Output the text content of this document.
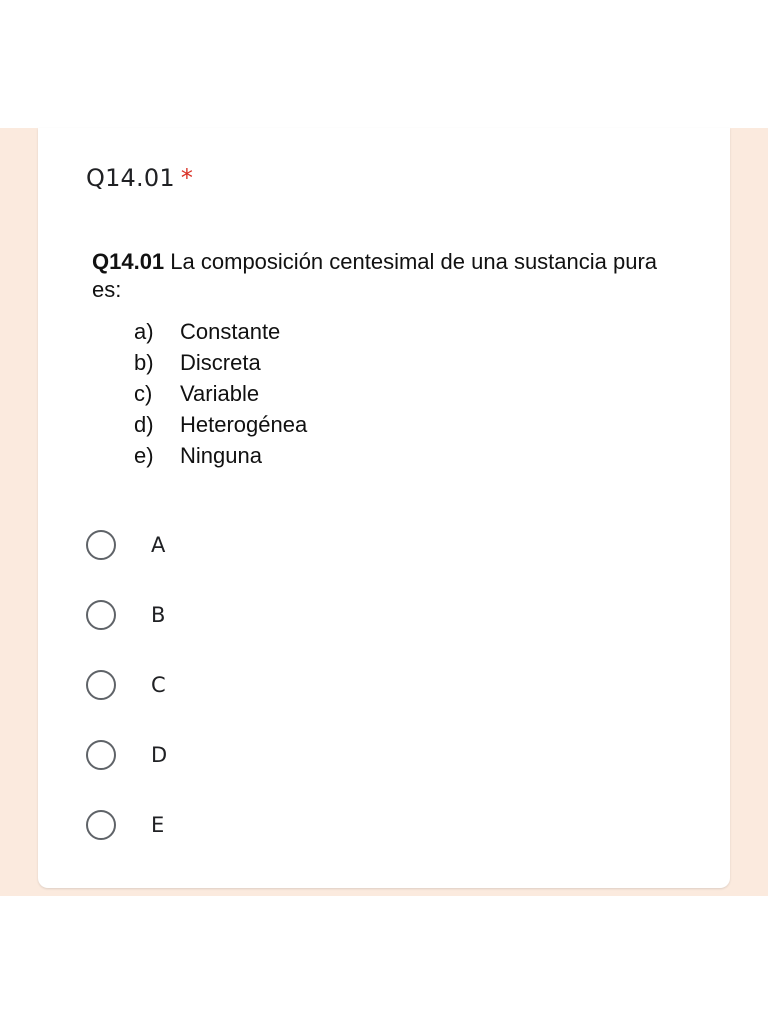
Q14.01 *
Q14.01 La composición centesimal de una sustancia pura es:
a)	Constante
b)	Discreta
c)	Variable
d)	Heterogénea
e)	Ninguna
A
B
C
D
E
